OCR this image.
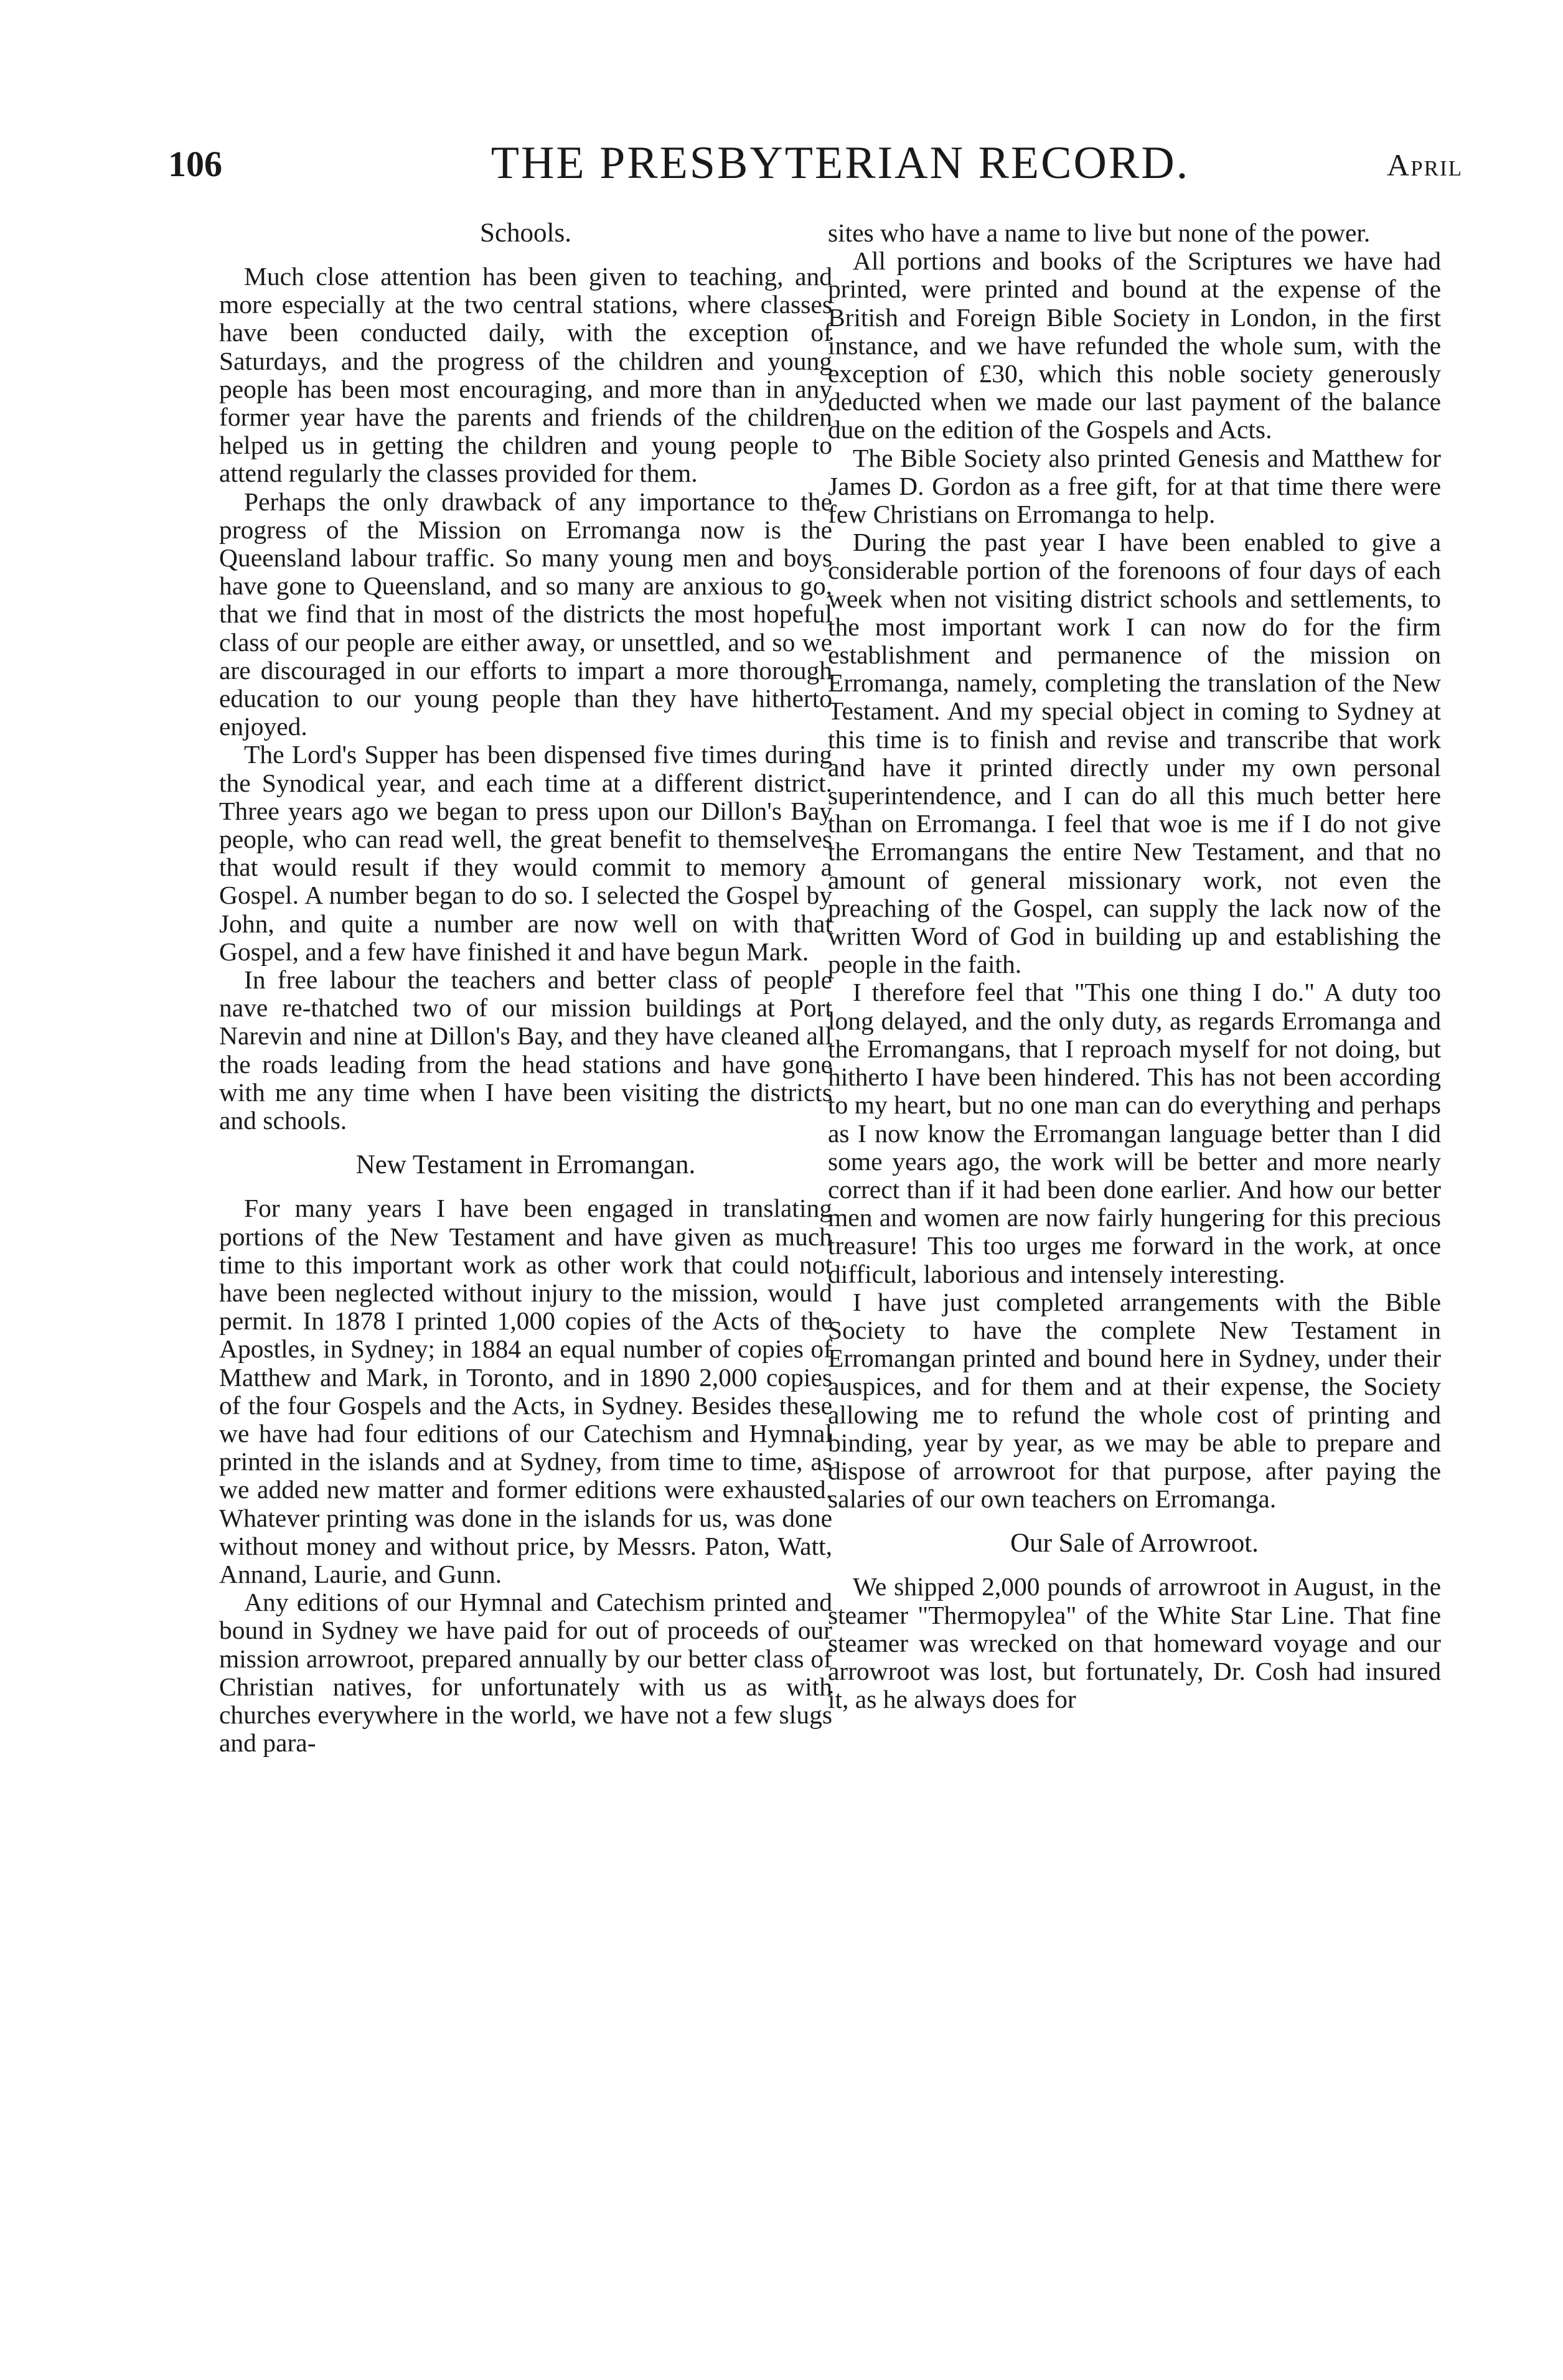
106	THE PRESBYTERIAN RECORD.	April
Schools.

Much close attention has been given to teaching, and more especially at the two central stations, where classes have been conducted daily, with the exception of Saturdays, and the progress of the children and young people has been most encouraging, and more than in any former year have the parents and friends of the children helped us in getting the children and young people to attend regularly the classes provided for them.

Perhaps the only drawback of any importance to the progress of the Mission on Erromanga now is the Queensland labour traffic. So many young men and boys have gone to Queensland, and so many are anxious to go, that we find that in most of the districts the most hopeful class of our people are either away, or unsettled, and so we are discouraged in our efforts to impart a more thorough education to our young people than they have hitherto enjoyed.

The Lord's Supper has been dispensed five times during the Synodical year, and each time at a different district. Three years ago we began to press upon our Dillon's Bay people, who can read well, the great benefit to themselves that would result if they would commit to memory a Gospel. A number began to do so. I selected the Gospel by John, and quite a number are now well on with that Gospel, and a few have finished it and have begun Mark.

In free labour the teachers and better class of people nave re-thatched two of our mission buildings at Port Narevin and nine at Dillon's Bay, and they have cleaned all the roads leading from the head stations and have gone with me any time when I have been visiting the districts and schools.

New Testament in Erromangan.

For many years I have been engaged in translating portions of the New Testament and have given as much time to this important work as other work that could not have been neglected without injury to the mission, would permit. In 1878 I printed 1,000 copies of the Acts of the Apostles, in Sydney; in 1884 an equal number of copies of Matthew and Mark, in Toronto, and in 1890 2,000 copies of the four Gospels and the Acts, in Sydney. Besides these we have had four editions of our Catechism and Hymnal printed in the islands and at Sydney, from time to time, as we added new matter and former editions were exhausted. Whatever printing was done in the islands for us, was done without money and without price, by Messrs. Paton, Watt, Annand, Laurie, and Gunn.

Any editions of our Hymnal and Catechism printed and bound in Sydney we have paid for out of proceeds of our mission arrowroot, prepared annually by our better class of Christian natives, for unfortunately with us as with churches everywhere in the world, we have not a few slugs and para-

sites who have a name to live but none of the power.

All portions and books of the Scriptures we have had printed, were printed and bound at the expense of the British and Foreign Bible Society in London, in the first instance, and we have refunded the whole sum, with the exception of £30, which this noble society generously deducted when we made our last payment of the balance due on the edition of the Gospels and Acts.

The Bible Society also printed Genesis and Matthew for James D. Gordon as a free gift, for at that time there were few Christians on Erromanga to help.

During the past year I have been enabled to give a considerable portion of the forenoons of four days of each week when not visiting district schools and settlements, to the most important work I can now do for the firm establishment and permanence of the mission on Erromanga, namely, completing the translation of the New Testament. And my special object in coming to Sydney at this time is to finish and revise and transcribe that work and have it printed directly under my own personal superintendence, and I can do all this much better here than on Erromanga. I feel that woe is me if I do not give the Erromangans the entire New Testament, and that no amount of general missionary work, not even the preaching of the Gospel, can supply the lack now of the written Word of God in building up and establishing the people in the faith.

I therefore feel that "This one thing I do." A duty too long delayed, and the only duty, as regards Erromanga and the Erromangans, that I reproach myself for not doing, but hitherto I have been hindered. This has not been according to my heart, but no one man can do everything and perhaps as I now know the Erromangan language better than I did some years ago, the work will be better and more nearly correct than if it had been done earlier. And how our better men and women are now fairly hungering for this precious treasure! This too urges me forward in the work, at once difficult, laborious and intensely interesting.

I have just completed arrangements with the Bible Society to have the complete New Testament in Erromangan printed and bound here in Sydney, under their auspices, and for them and at their expense, the Society allowing me to refund the whole cost of printing and binding, year by year, as we may be able to prepare and dispose of arrowroot for that purpose, after paying the salaries of our own teachers on Erromanga.

Our Sale of Arrowroot.

We shipped 2,000 pounds of arrowroot in August, in the steamer "Thermopylea" of the White Star Line. That fine steamer was wrecked on that homeward voyage and our arrowroot was lost, but fortunately, Dr. Cosh had insured it, as he always does for
